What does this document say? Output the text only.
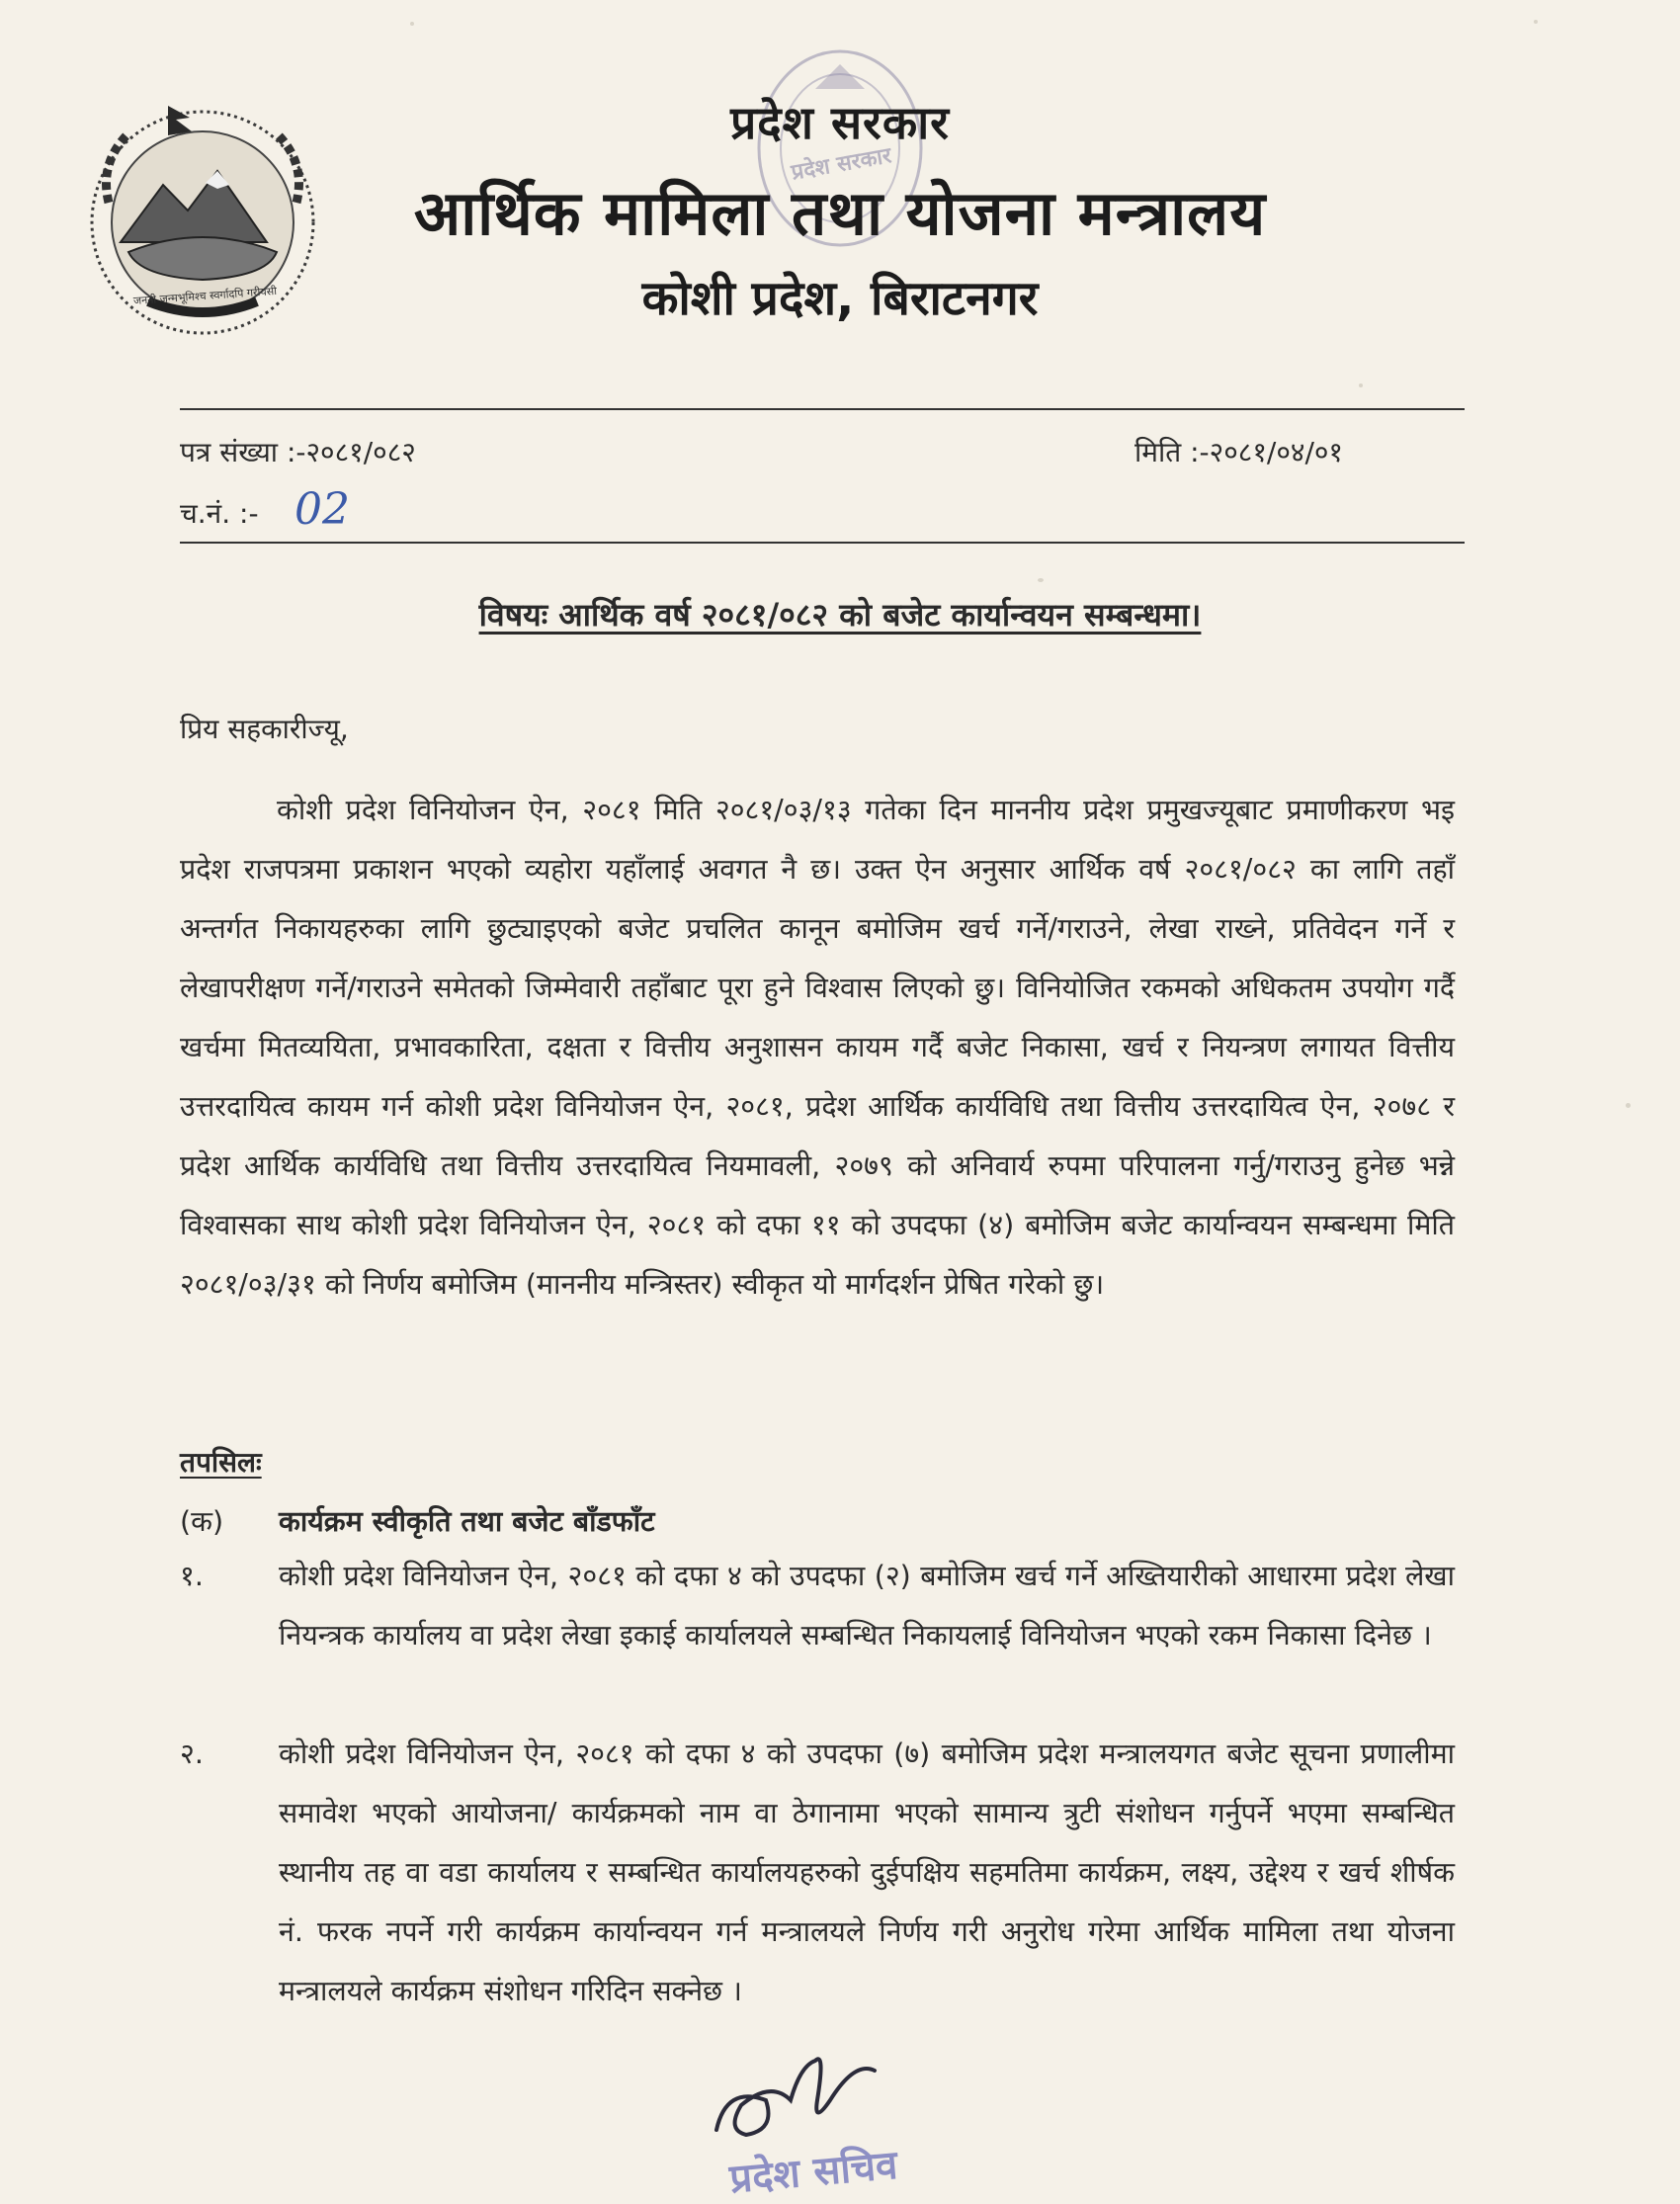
जननी जन्मभूमिश्च स्वर्गादपि गरीयसी
प्रदेश सरकार
प्रदेश सरकार
आर्थिक मामिला तथा योजना मन्त्रालय
कोशी प्रदेश, बिराटनगर
पत्र संख्या :-२०८१/०८२	मिति :-२०८१/०४/०१
च.नं. :- 02
विषयः आर्थिक वर्ष २०८१/०८२ को बजेट कार्यान्वयन सम्बन्धमा।
प्रिय सहकारीज्यू,

कोशी प्रदेश विनियोजन ऐन, २०८१ मिति २०८१/०३/१३ गतेका दिन माननीय प्रदेश प्रमुखज्यूबाट प्रमाणीकरण भइ प्रदेश राजपत्रमा प्रकाशन भएको व्यहोरा यहाँलाई अवगत नै छ। उक्त ऐन अनुसार आर्थिक वर्ष २०८१/०८२ का लागि तहाँ अन्तर्गत निकायहरुका लागि छुट्याइएको बजेट प्रचलित कानून बमोजिम खर्च गर्ने/गराउने, लेखा राख्ने, प्रतिवेदन गर्ने र लेखापरीक्षण गर्ने/गराउने समेतको जिम्मेवारी तहाँबाट पूरा हुने विश्वास लिएको छु। विनियोजित रकमको अधिकतम उपयोग गर्दै खर्चमा मितव्ययिता, प्रभावकारिता, दक्षता र वित्तीय अनुशासन कायम गर्दै बजेट निकासा, खर्च र नियन्त्रण लगायत वित्तीय उत्तरदायित्व कायम गर्न कोशी प्रदेश विनियोजन ऐन, २०८१, प्रदेश आर्थिक कार्यविधि तथा वित्तीय उत्तरदायित्व ऐन, २०७८ र प्रदेश आर्थिक कार्यविधि तथा वित्तीय उत्तरदायित्व नियमावली, २०७९ को अनिवार्य रुपमा परिपालना गर्नु/गराउनु हुनेछ भन्ने विश्वासका साथ कोशी प्रदेश विनियोजन ऐन, २०८१ को दफा ११ को उपदफा (४) बमोजिम बजेट कार्यान्वयन सम्बन्धमा मिति २०८१/०३/३१ को निर्णय बमोजिम (माननीय मन्त्रिस्तर) स्वीकृत यो मार्गदर्शन प्रेषित गरेको छु।

तपसिलः
(क) कार्यक्रम स्वीकृति तथा बजेट बाँडफाँट
१.	कोशी प्रदेश विनियोजन ऐन, २०८१ को दफा ४ को उपदफा (२) बमोजिम खर्च गर्ने अख्तियारीको आधारमा प्रदेश लेखा नियन्त्रक कार्यालय वा प्रदेश लेखा इकाई कार्यालयले सम्बन्धित निकायलाई विनियोजन भएको रकम निकासा दिनेछ ।
२.	कोशी प्रदेश विनियोजन ऐन, २०८१ को दफा ४ को उपदफा (७) बमोजिम प्रदेश मन्त्रालयगत बजेट सूचना प्रणालीमा समावेश भएको आयोजना/ कार्यक्रमको नाम वा ठेगानामा भएको सामान्य त्रुटी संशोधन गर्नुपर्ने भएमा सम्बन्धित स्थानीय तह वा वडा कार्यालय र सम्बन्धित कार्यालयहरुको दुईपक्षिय सहमतिमा कार्यक्रम, लक्ष्य, उद्देश्य र खर्च शीर्षक नं. फरक नपर्ने गरी कार्यक्रम कार्यान्वयन गर्न मन्त्रालयले निर्णय गरी अनुरोध गरेमा आर्थिक मामिला तथा योजना मन्त्रालयले कार्यक्रम संशोधन गरिदिन सक्नेछ ।
प्रदेश सचिव
